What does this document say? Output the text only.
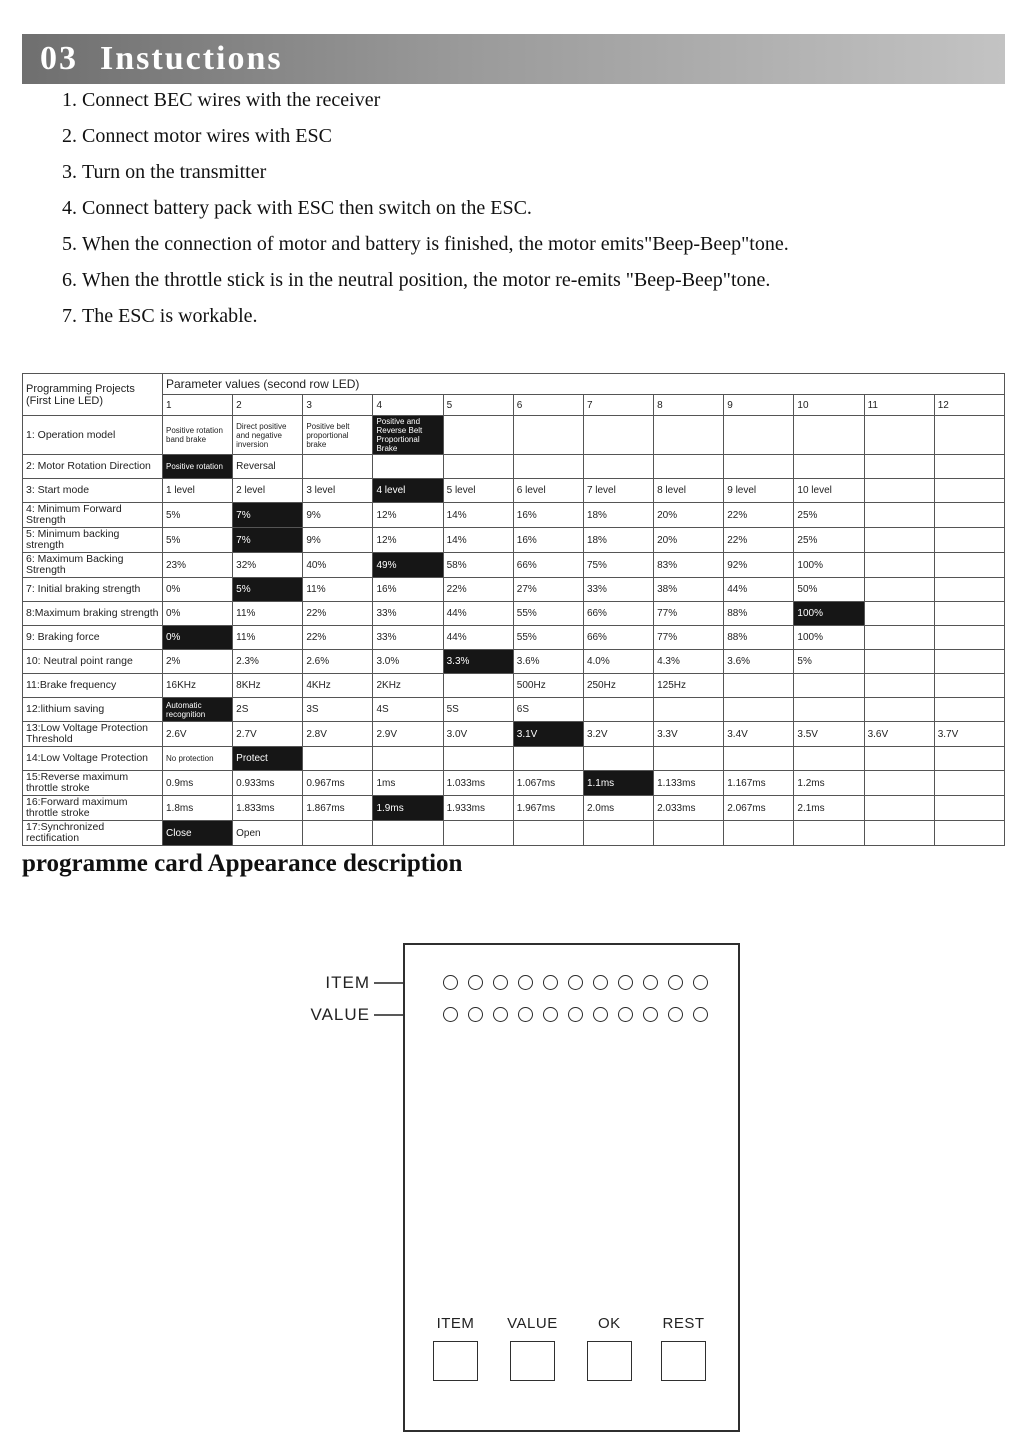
03 Instuctions
1. Connect BEC wires with the receiver
2. Connect motor wires with ESC
3. Turn on the transmitter
4. Connect battery pack with ESC then switch on the ESC.
5. When the connection of motor and battery is finished, the motor emits"Beep-Beep"tone.
6. When the throttle stick is in the neutral position, the motor re-emits "Beep-Beep"tone.
7. The ESC is workable.
Programming Projects (First Line LED)	Parameter values (second row LED)											
	1	2	3	4	5	6	7	8	9	10	11	12
1: Operation model	Positive rotation band brake	Direct positive and negative inversion	Positive belt proportional brake	Positive and Reverse Belt Proportional Brake								
2: Motor Rotation Direction	Positive rotation	Reversal										
3: Start mode	1 level	2 level	3 level	4 level	5 level	6 level	7 level	8 level	9 level	10 level		
4: Minimum Forward Strength	5%	7%	9%	12%	14%	16%	18%	20%	22%	25%		
5: Minimum backing strength	5%	7%	9%	12%	14%	16%	18%	20%	22%	25%		
6: Maximum Backing Strength	23%	32%	40%	49%	58%	66%	75%	83%	92%	100%		
7: Initial braking strength	0%	5%	11%	16%	22%	27%	33%	38%	44%	50%		
8:Maximum braking strength	0%	11%	22%	33%	44%	55%	66%	77%	88%	100%		
9: Braking force	0%	11%	22%	33%	44%	55%	66%	77%	88%	100%		
10: Neutral point range	2%	2.3%	2.6%	3.0%	3.3%	3.6%	4.0%	4.3%	3.6%	5%		
11:Brake frequency	16KHz	8KHz	4KHz	2KHz		500Hz	250Hz	125Hz				
12:lithium saving	Automatic recognition	2S	3S	4S	5S	6S						
13:Low Voltage Protection Threshold	2.6V	2.7V	2.8V	2.9V	3.0V	3.1V	3.2V	3.3V	3.4V	3.5V	3.6V	3.7V
14:Low Voltage Protection	No protection	Protect										
15:Reverse maximum throttle stroke	0.9ms	0.933ms	0.967ms	1ms	1.033ms	1.067ms	1.1ms	1.133ms	1.167ms	1.2ms		
16:Forward maximum throttle stroke	1.8ms	1.833ms	1.867ms	1.9ms	1.933ms	1.967ms	2.0ms	2.033ms	2.067ms	2.1ms		
17:Synchronized rectification	Close	Open										
programme card Appearance description
ITEM
VALUE
ITEM VALUE	OK	REST
